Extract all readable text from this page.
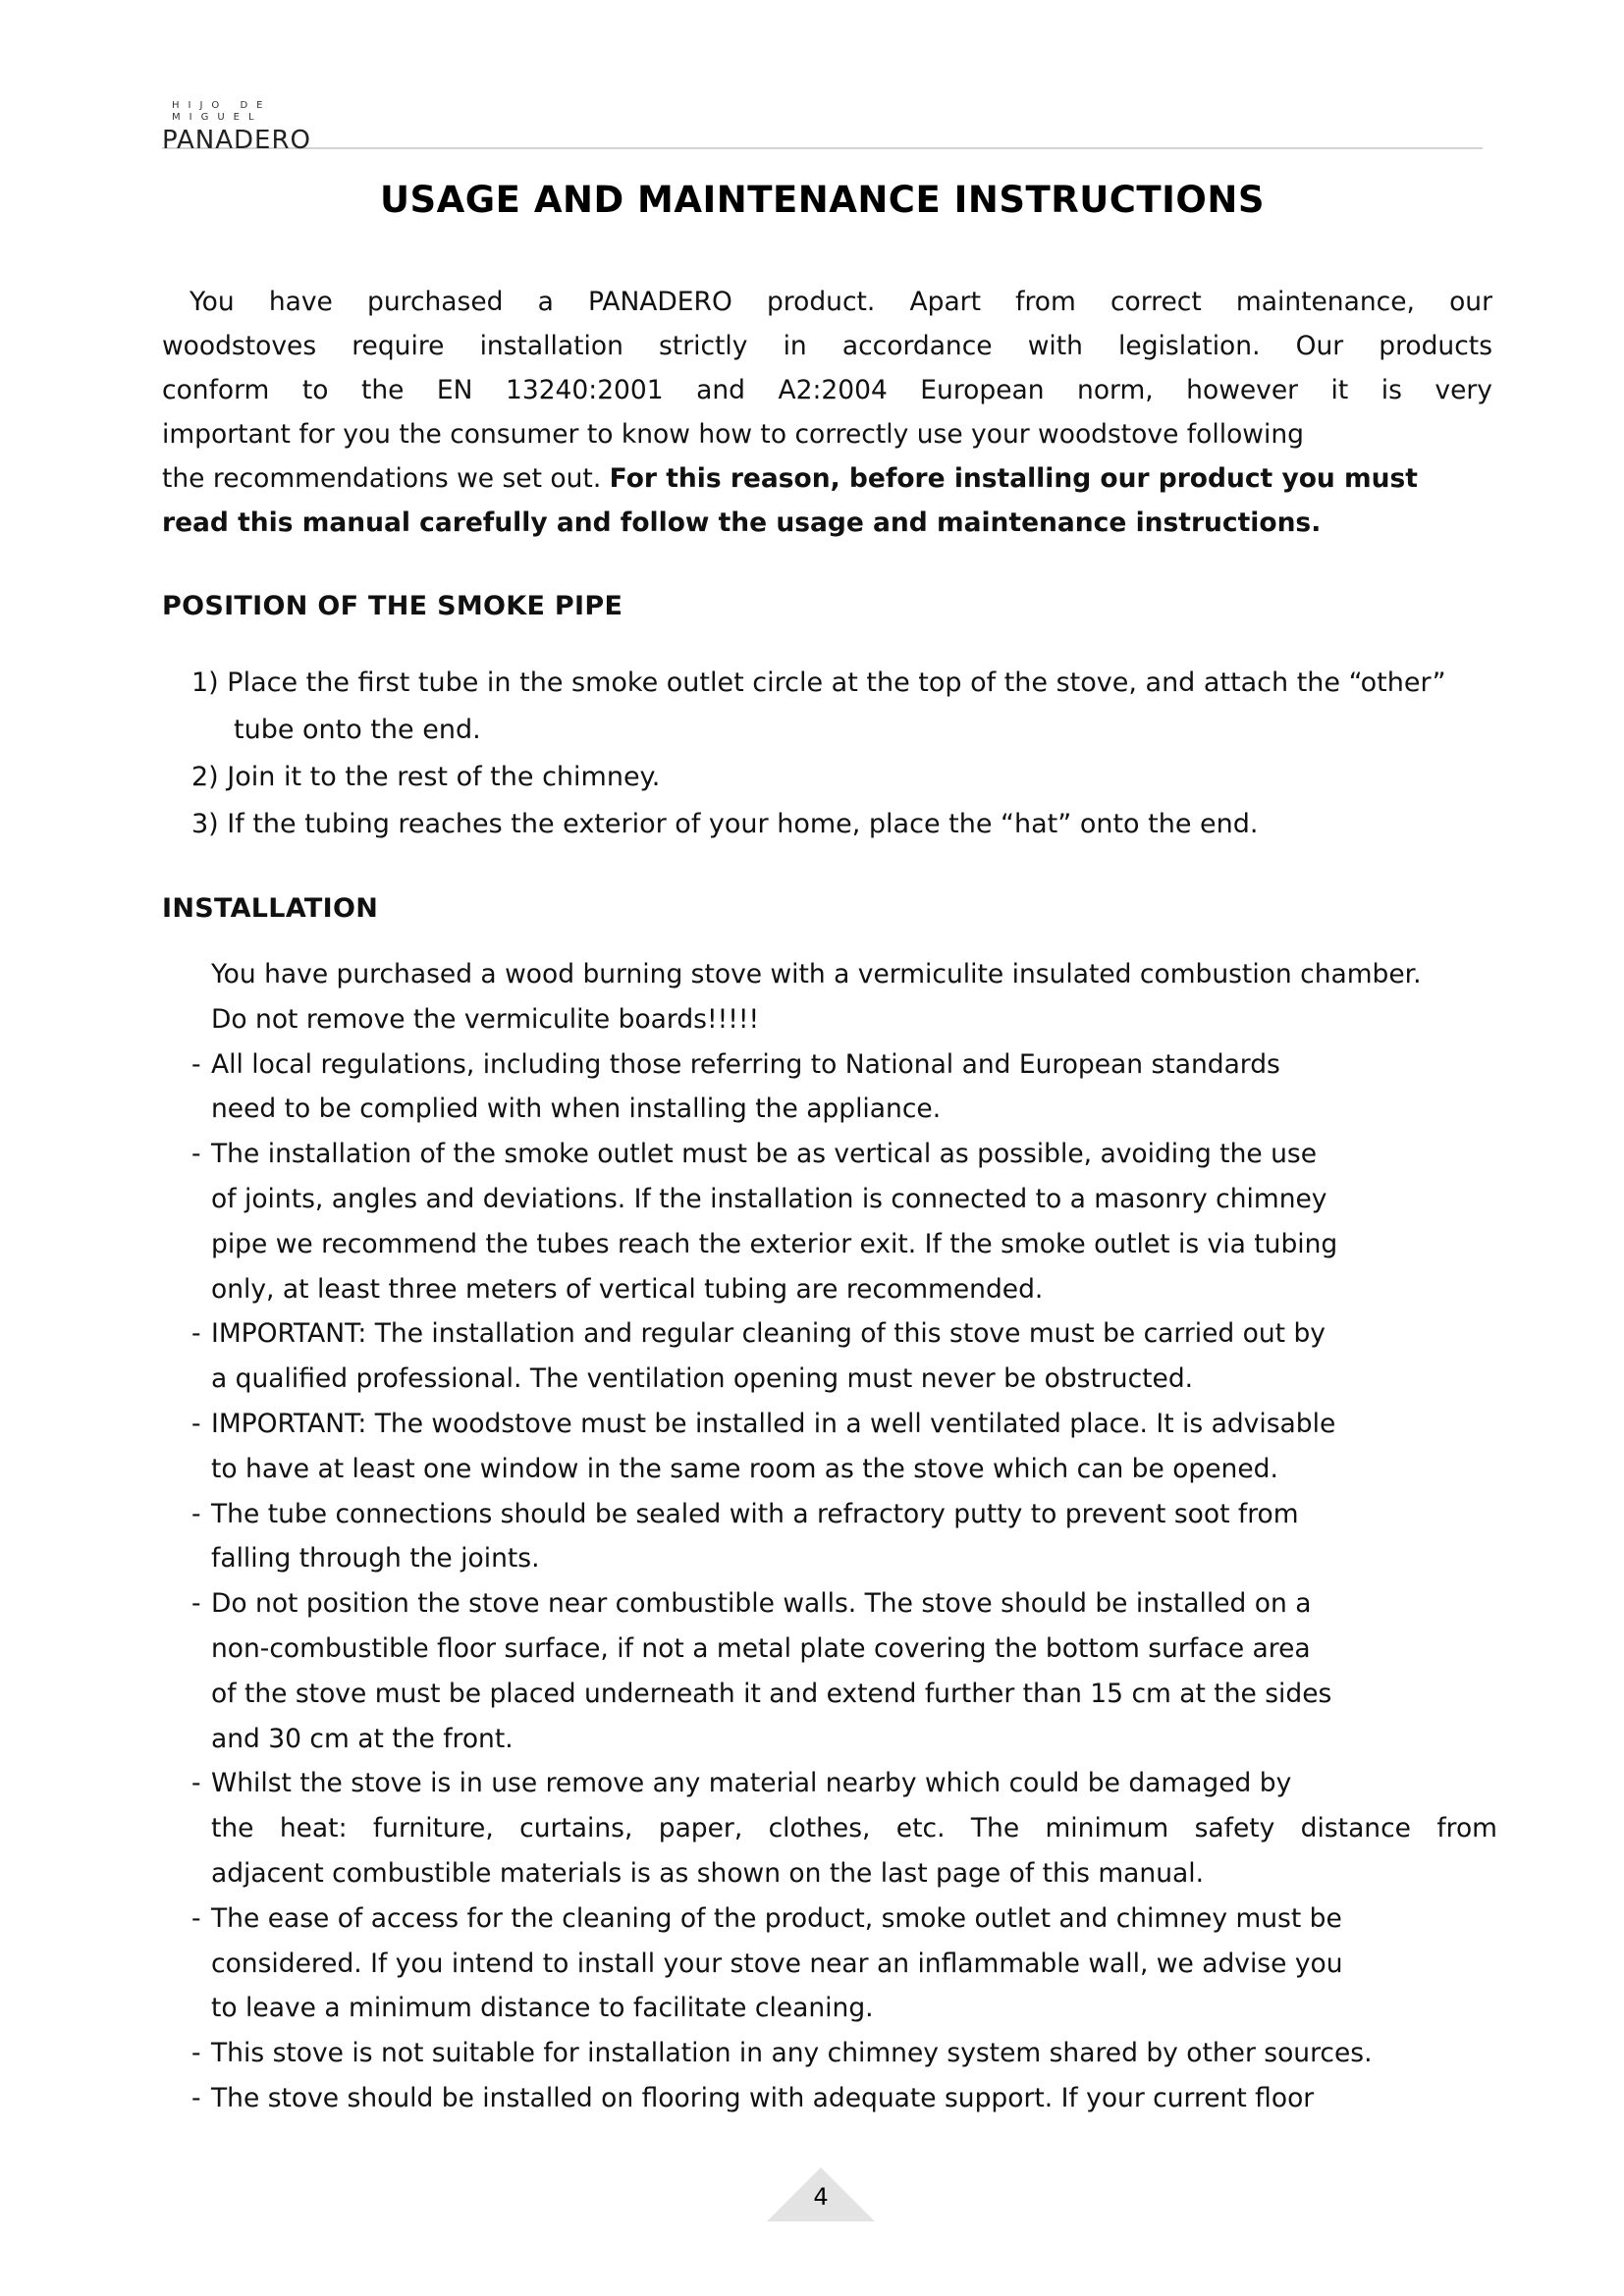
HIJO DE MIGUEL
PANADERO
USAGE AND MAINTENANCE INSTRUCTIONS
You have purchased a PANADERO product. Apart from correct maintenance, our
woodstoves require installation strictly in accordance with legislation. Our products
conform to the EN 13240:2001 and A2:2004 European norm, however it is very
important for you the consumer to know how to correctly use your woodstove following
the recommendations we set out. For this reason, before installing our product you must
read this manual carefully and follow the usage and maintenance instructions.
POSITION OF THE SMOKE PIPE
1) Place the first tube in the smoke outlet circle at the top of the stove, and attach the “other” tube onto the end.
2) Join it to the rest of the chimney.
3) If the tubing reaches the exterior of your home, place the “hat” onto the end.
INSTALLATION

You have purchased a wood burning stove with a vermiculite insulated combustion chamber.

Do not remove the vermiculite boards!!!!!

- All local regulations, including those referring to National and European standards
need to be complied with when installing the appliance.
- The installation of the smoke outlet must be as vertical as possible, avoiding the use
of joints, angles and deviations. If the installation is connected to a masonry chimney
pipe we recommend the tubes reach the exterior exit. If the smoke outlet is via tubing
only, at least three meters of vertical tubing are recommended.
- IMPORTANT: The installation and regular cleaning of this stove must be carried out by
a qualified professional. The ventilation opening must never be obstructed.
- IMPORTANT: The woodstove must be installed in a well ventilated place. It is advisable
to have at least one window in the same room as the stove which can be opened.
- The tube connections should be sealed with a refractory putty to prevent soot from
falling through the joints.
- Do not position the stove near combustible walls. The stove should be installed on a
non-combustible floor surface, if not a metal plate covering the bottom surface area
of the stove must be placed underneath it and extend further than 15 cm at the sides
and 30 cm at the front.
- Whilst the stove is in use remove any material nearby which could be damaged by
the heat: furniture, curtains, paper, clothes, etc. The minimum safety distance from
adjacent combustible materials is as shown on the last page of this manual.
- The ease of access for the cleaning of the product, smoke outlet and chimney must be
considered. If you intend to install your stove near an inflammable wall, we advise you
to leave a minimum distance to facilitate cleaning.
- This stove is not suitable for installation in any chimney system shared by other sources.
- The stove should be installed on flooring with adequate support. If your current floor
4
